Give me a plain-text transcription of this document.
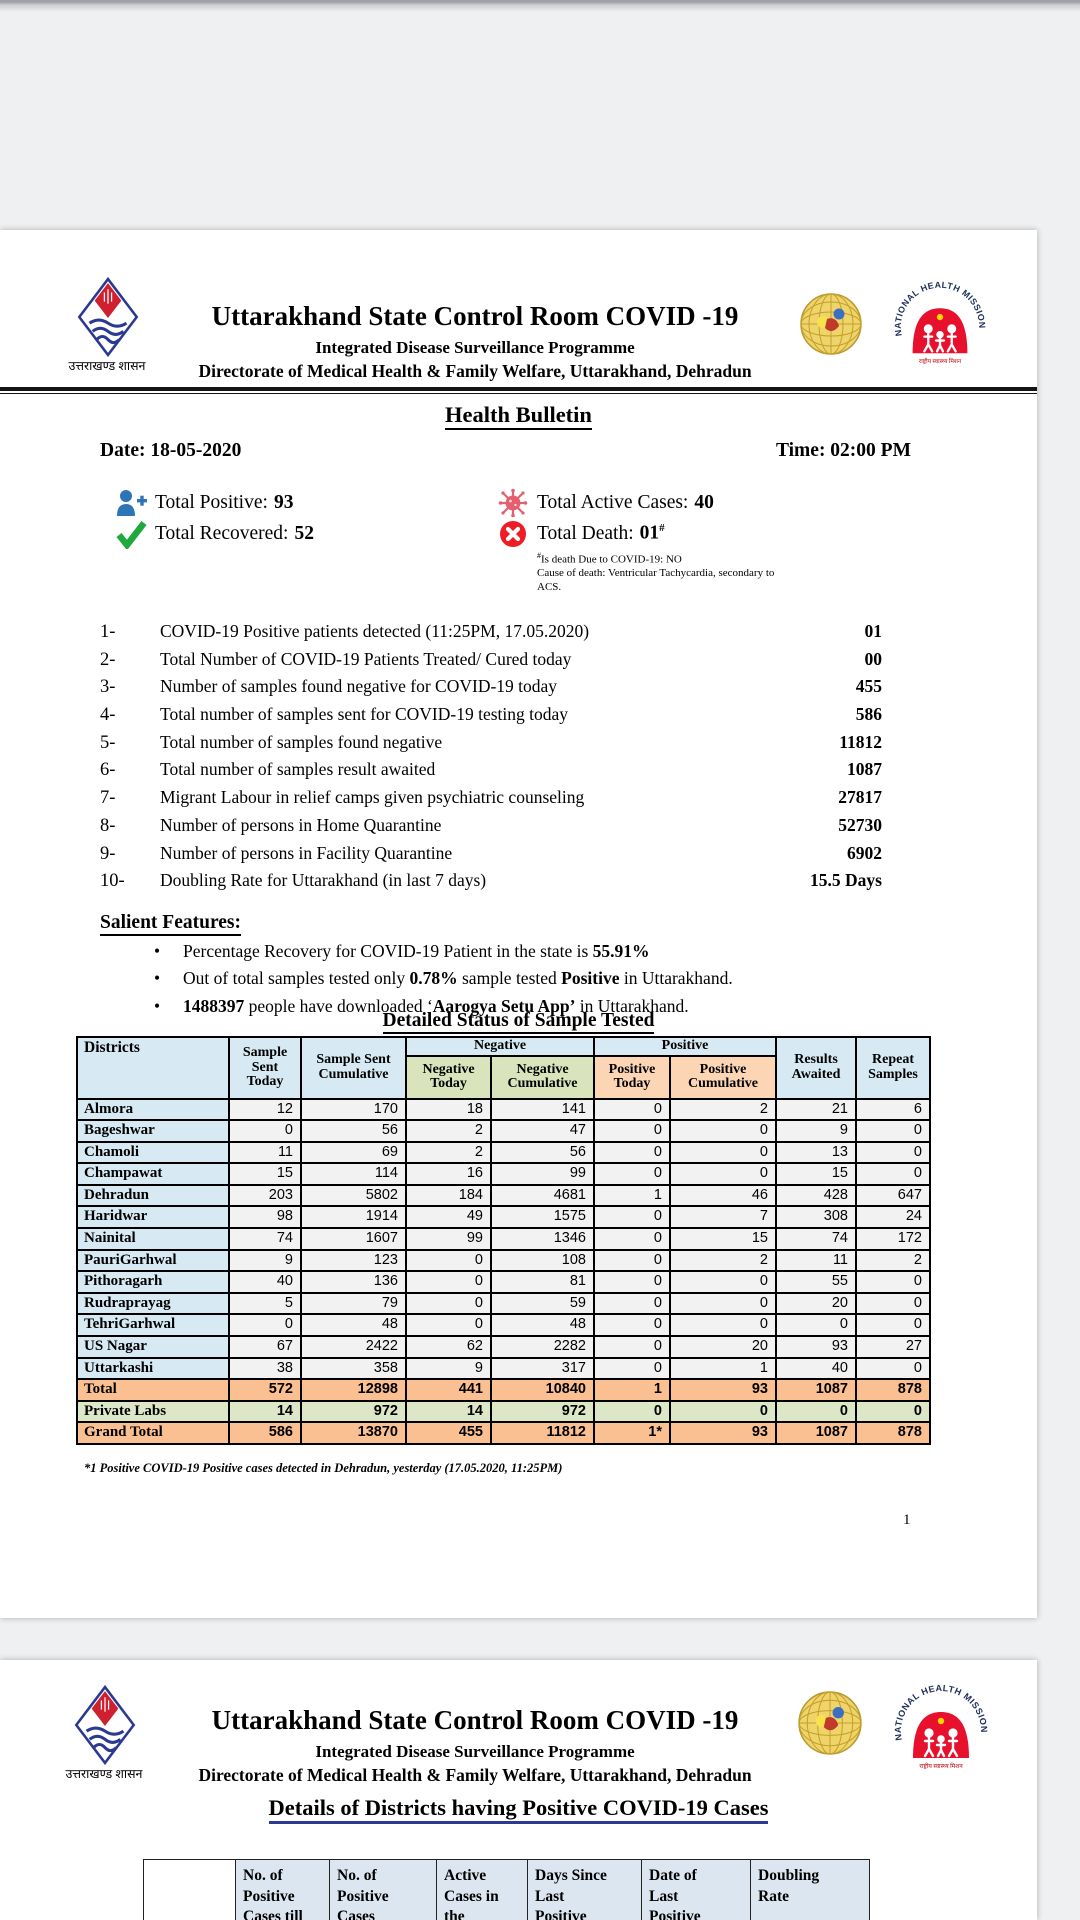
उत्तराखण्ड शासन
Uttarakhand State Control Room COVID -19
Integrated Disease Surveillance Programme
Directorate of Medical Health & Family Welfare, Uttarakhand, Dehradun
NATIONAL HEALTH MISSION
राष्ट्रीय स्वास्थ्य मिशन
Health Bulletin
Date: 18-05-2020	Time: 02:00 PM
Total Positive: 93
Total Recovered: 52
Total Active Cases: 40
Total Death: 01#
#Is death Due to COVID-19: NO
Cause of death: Ventricular Tachycardia, secondary to
ACS.
1-	COVID-19 Positive patients detected (11:25PM, 17.05.2020)	01
2-	Total Number of COVID-19 Patients Treated/ Cured today	00
3-	Number of samples found negative for COVID-19 today	455
4-	Total number of samples sent for COVID-19 testing today	586
5-	Total number of samples found negative	11812
6-	Total number of samples result awaited	1087
7-	Migrant Labour in relief camps given psychiatric counseling	27817
8-	Number of persons in Home Quarantine	52730
9-	Number of persons in Facility Quarantine	6902
10-	Doubling Rate for Uttarakhand (in last 7 days)	15.5 Days
Salient Features:
•	Percentage Recovery for COVID-19 Patient in the state is 55.91%
•	Out of total samples tested only 0.78% sample tested Positive in Uttarakhand.
•	1488397 people have downloaded ‘Aarogya Setu App’ in Uttarakhand.
Detailed Status of Sample Tested
Districts	Sample Sent Today	Sample Sent Cumulative	Negative		Positive		Results Awaited	Repeat Samples
			Negative Today	Negative Cumulative	Positive Today	Positive Cumulative		
Almora	12	170	18	141	0	2	21	6
Bageshwar	0	56	2	47	0	0	9	0
Chamoli	11	69	2	56	0	0	13	0
Champawat	15	114	16	99	0	0	15	0
Dehradun	203	5802	184	4681	1	46	428	647
Haridwar	98	1914	49	1575	0	7	308	24
Nainital	74	1607	99	1346	0	15	74	172
PauriGarhwal	9	123	0	108	0	2	11	2
Pithoragarh	40	136	0	81	0	0	55	0
Rudraprayag	5	79	0	59	0	0	20	0
TehriGarhwal	0	48	0	48	0	0	0	0
US Nagar	67	2422	62	2282	0	20	93	27
Uttarkashi	38	358	9	317	0	1	40	0
Total	572	12898	441	10840	1	93	1087	878
Private Labs	14	972	14	972	0	0	0	0
Grand Total	586	13870	455	11812	1*	93	1087	878
*1 Positive COVID-19 Positive cases detected in Dehradun, yesterday (17.05.2020, 11:25PM)
1
उत्तराखण्ड शासन
Uttarakhand State Control Room COVID -19
Integrated Disease Surveillance Programme
Directorate of Medical Health & Family Welfare, Uttarakhand, Dehradun
NATIONAL HEALTH MISSION
राष्ट्रीय स्वास्थ्य मिशन
Details of Districts having Positive COVID-19 Cases

No. of
Positive
Cases till

No. of
Positive
Cases

Active
Cases in
the

Days Since
Last
Positive

Date of
Last
Positive

Doubling
Rate
